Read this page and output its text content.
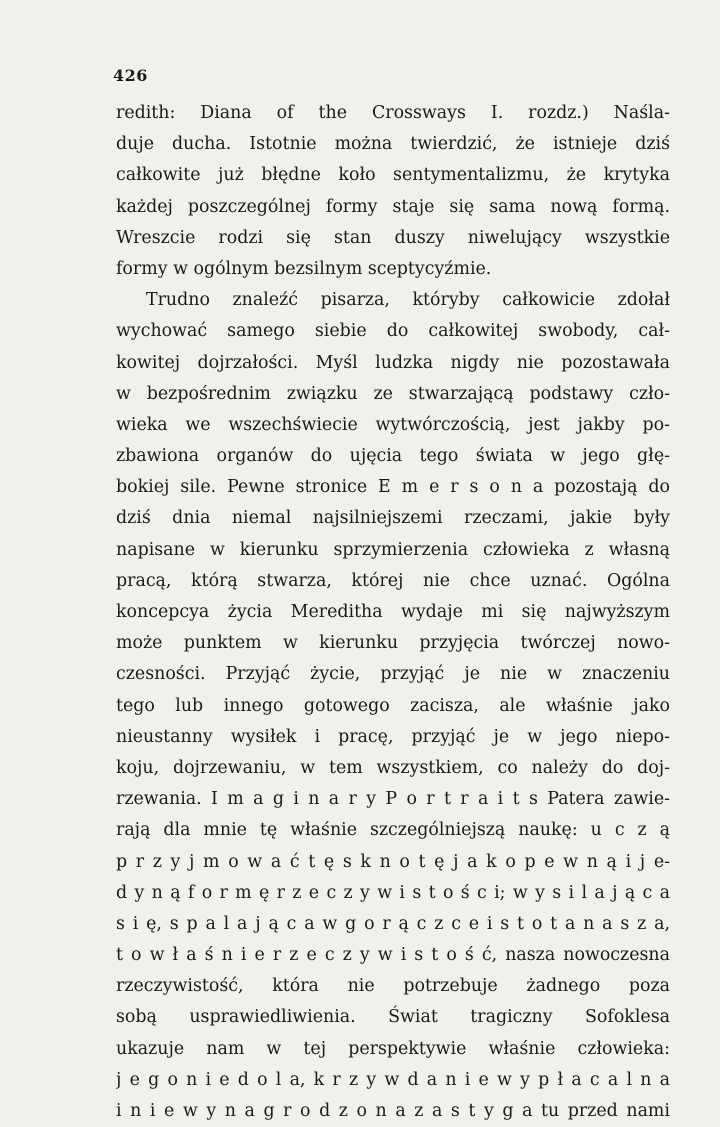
426
redith: Diana of the Crossways I. rozdz.) Naśla-
duje ducha. Istotnie można twierdzić, że istnieje dziś
całkowite już błędne koło sentymentalizmu, że krytyka
każdej poszczególnej formy staje się sama nową formą.
Wreszcie rodzi się stan duszy niwelujący wszystkie
formy w ogólnym bezsilnym sceptycyźmie.
Trudno znaleźć pisarza, któryby całkowicie zdołał
wychować samego siebie do całkowitej swobody, cał-
kowitej dojrzałości. Myśl ludzka nigdy nie pozostawała
w bezpośrednim związku ze stwarzającą podstawy czło-
wieka we wszechświecie wytwórczością, jest jakby po-
zbawiona organów do ujęcia tego świata w jego głę-
bokiej sile. Pewne stronice E m e r s o n a pozostają do
dziś dnia niemal najsilniejszemi rzeczami, jakie były
napisane w kierunku sprzymierzenia człowieka z własną
pracą, którą stwarza, której nie chce uznać. Ogólna
koncepcya życia Mereditha wydaje mi się najwyższym
może punktem w kierunku przyjęcia twórczej nowo-
czesności. Przyjąć życie, przyjąć je nie w znaczeniu
tego lub innego gotowego zacisza, ale właśnie jako
nieustanny wysiłek i pracę, przyjąć je w jego niepo-
koju, dojrzewaniu, w tem wszystkiem, co należy do doj-
rzewania. I m a g i n a r y P o r t r a i t s Patera zawie-
rają dla mnie tę właśnie szczególniejszą naukę: u c z ą
p r z y j m o w a ć t ę s k n o t ę j a k o p e w n ą i j e-
d y n ą f o r m ę r z e c z y w i s t o ś c i; w y s i l a j ą c a
s i ę, s p a l a j ą c a w g o r ą c z c e i s t o t a n a s z a,
t o w ł a ś n i e r z e c z y w i s t o ś ć, nasza nowoczesna
rzeczywistość, która nie potrzebuje żadnego poza
sobą usprawiedliwienia. Świat tragiczny Sofoklesa
ukazuje nam w tej perspektywie właśnie człowieka:
j e g o n i e d o l a, k r z y w d a n i e w y p ł a c a l n a
i n i e w y n a g r o d z o n a z a s t y g a tu przed nami
